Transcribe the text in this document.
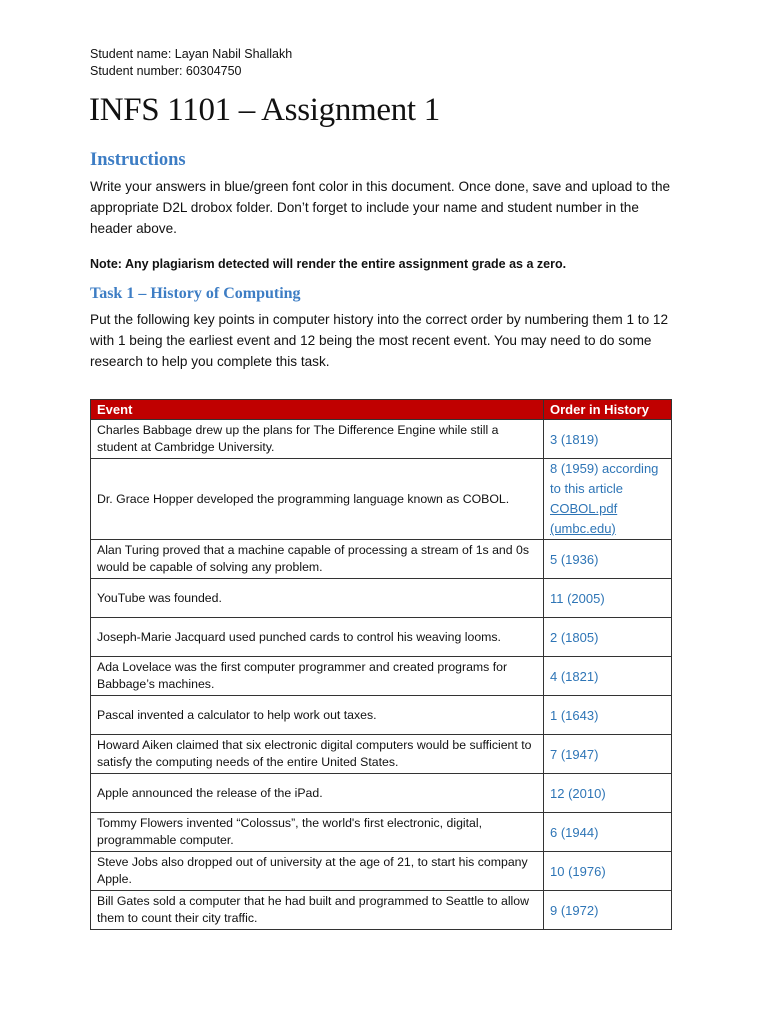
Student name: Layan Nabil Shallakh
Student number: 60304750
INFS 1101 – Assignment 1
Instructions

Write your answers in blue/green font color in this document. Once done, save and upload to the appropriate D2L drobox folder. Don’t forget to include your name and student number in the header above.

Note: Any plagiarism detected will render the entire assignment grade as a zero.

Task 1 – History of Computing

Put the following key points in computer history into the correct order by numbering them 1 to 12 with 1 being the earliest event and 12 being the most recent event. You may need to do some research to help you complete this task.

Event	Order in History
Charles Babbage drew up the plans for The Difference Engine while still a student at Cambridge University.	3 (1819)
Dr. Grace Hopper developed the programming language known as COBOL.	8 (1959) according to this article COBOL.pdf (umbc.edu)
Alan Turing proved that a machine capable of processing a stream of 1s and 0s would be capable of solving any problem.	5 (1936)
YouTube was founded.	11 (2005)
Joseph-Marie Jacquard used punched cards to control his weaving looms.	2 (1805)
Ada Lovelace was the first computer programmer and created programs for Babbage’s machines.	4 (1821)
Pascal invented a calculator to help work out taxes.	1 (1643)
Howard Aiken claimed that six electronic digital computers would be sufficient to satisfy the computing needs of the entire United States.	7 (1947)
Apple announced the release of the iPad.	12 (2010)
Tommy Flowers invented “Colossus”, the world's first electronic, digital, programmable computer.	6 (1944)
Steve Jobs also dropped out of university at the age of 21, to start his company Apple.	10 (1976)
Bill Gates sold a computer that he had built and programmed to Seattle to allow them to count their city traffic.	9 (1972)
